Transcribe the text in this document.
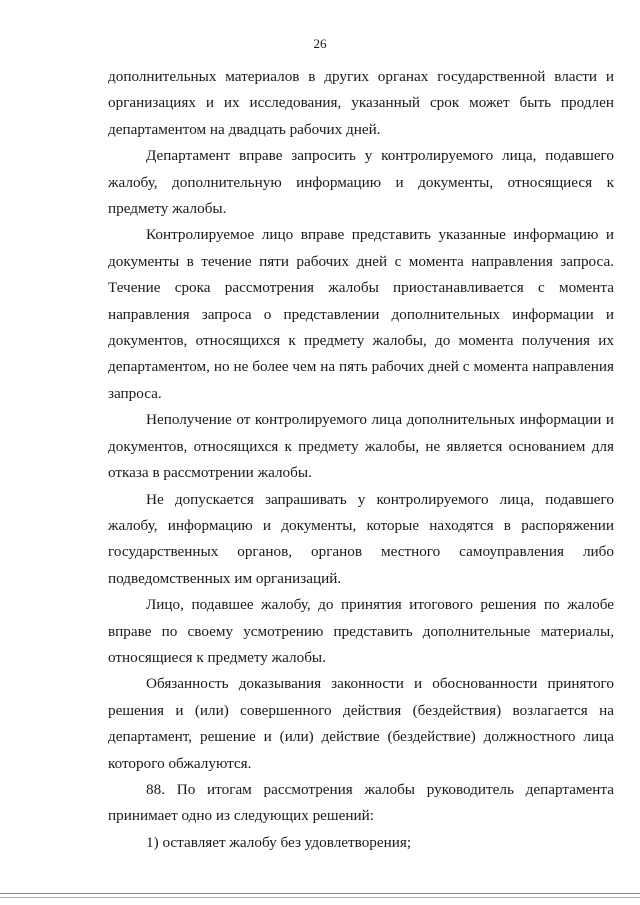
26

дополнительных материалов в других органах государственной власти и организациях и их исследования, указанный срок может быть продлен департаментом на двадцать рабочих дней.

Департамент вправе запросить у контролируемого лица, подавшего жалобу, дополнительную информацию и документы, относящиеся к предмету жалобы.

Контролируемое лицо вправе представить указанные информацию и документы в течение пяти рабочих дней с момента направления запроса. Течение срока рассмотрения жалобы приостанавливается с момента направления запроса о представлении дополнительных информации и документов, относящихся к предмету жалобы, до момента получения их департаментом, но не более чем на пять рабочих дней с момента направления запроса.

Неполучение от контролируемого лица дополнительных информации и документов, относящихся к предмету жалобы, не является основанием для отказа в рассмотрении жалобы.

Не допускается запрашивать у контролируемого лица, подавшего жалобу, информацию и документы, которые находятся в распоряжении государственных органов, органов местного самоуправления либо подведомственных им организаций.

Лицо, подавшее жалобу, до принятия итогового решения по жалобе вправе по своему усмотрению представить дополнительные материалы, относящиеся к предмету жалобы.

Обязанность доказывания законности и обоснованности принятого решения и (или) совершенного действия (бездействия) возлагается на департамент, решение и (или) действие (бездействие) должностного лица которого обжалуются.

88. По итогам рассмотрения жалобы руководитель департамента принимает одно из следующих решений:

1) оставляет жалобу без удовлетворения;
